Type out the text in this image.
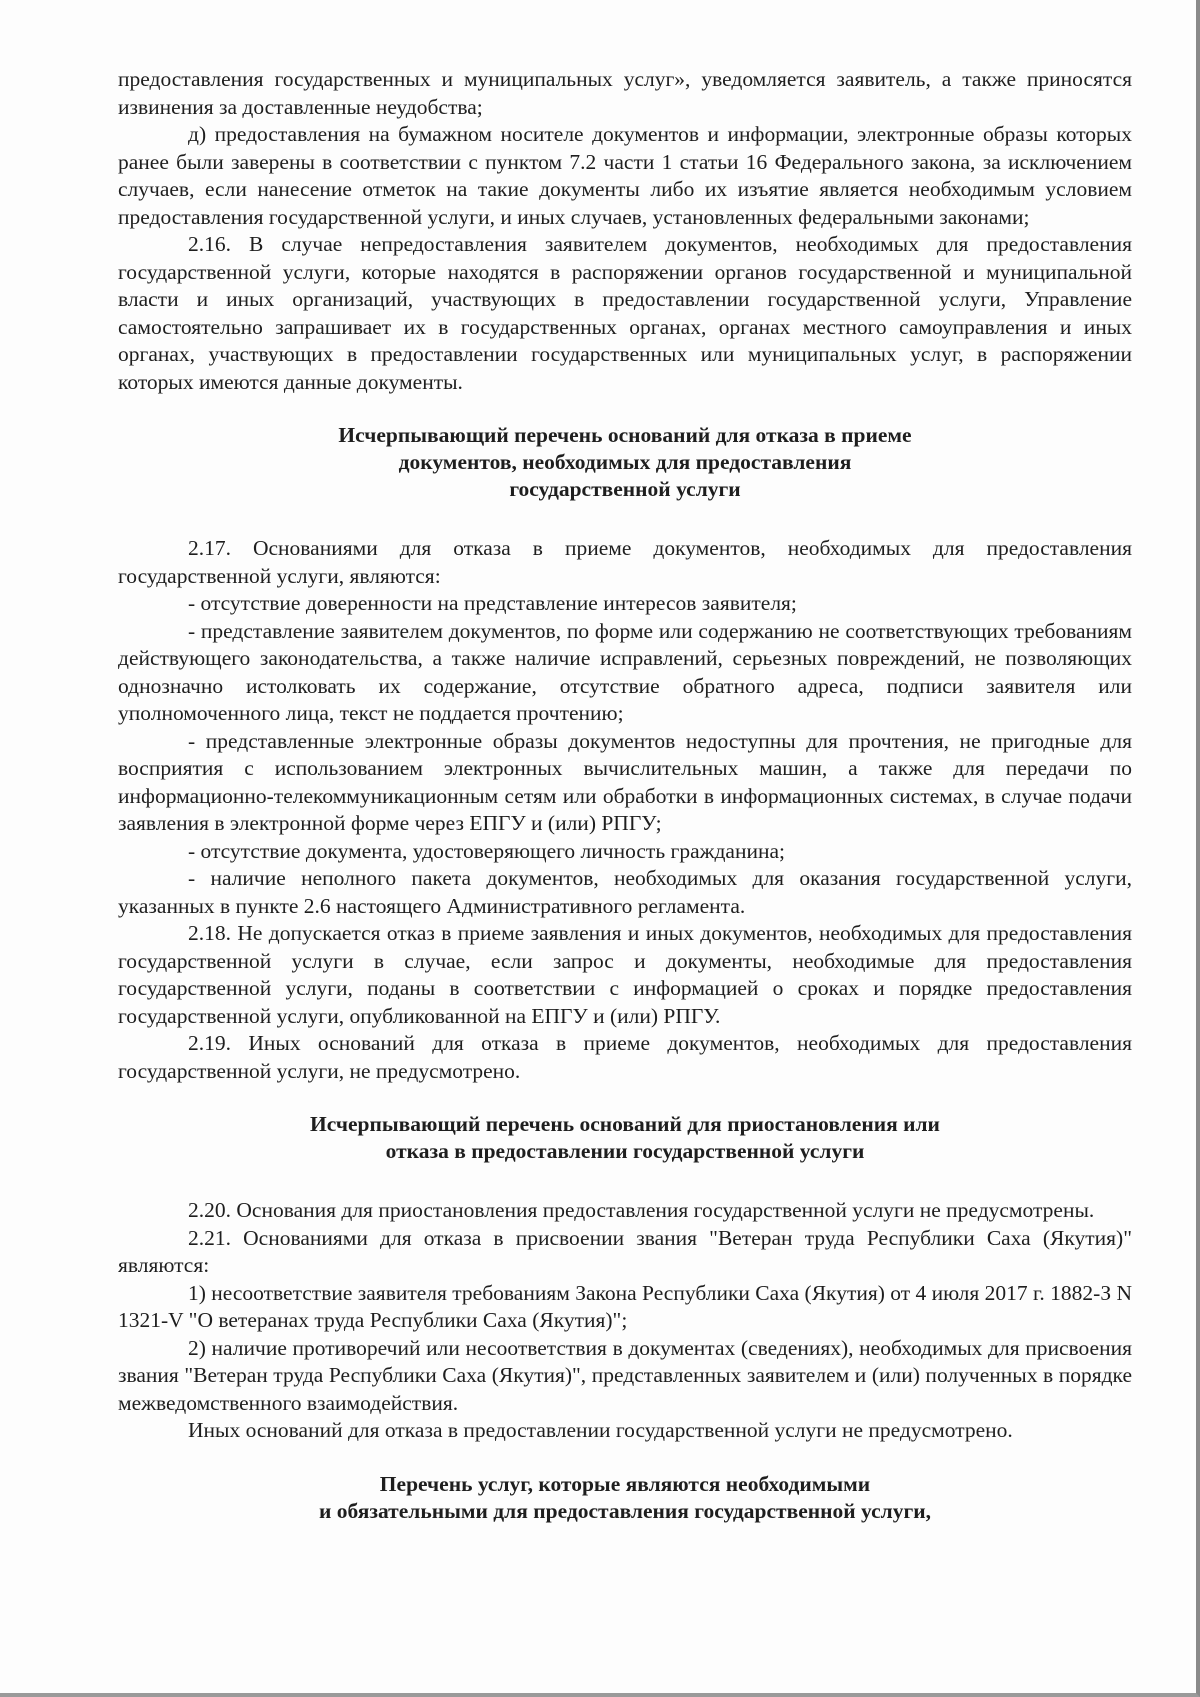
предоставления государственных и муниципальных услуг», уведомляется заявитель, а также приносятся извинения за доставленные неудобства;

д) предоставления на бумажном носителе документов и информации, электронные образы которых ранее были заверены в соответствии с пунктом 7.2 части 1 статьи 16 Федерального закона, за исключением случаев, если нанесение отметок на такие документы либо их изъятие является необходимым условием предоставления государственной услуги, и иных случаев, установленных федеральными законами;

2.16. В случае непредоставления заявителем документов, необходимых для предоставления государственной услуги, которые находятся в распоряжении органов государственной и муниципальной власти и иных организаций, участвующих в предоставлении государственной услуги, Управление самостоятельно запрашивает их в государственных органах, органах местного самоуправления и иных органах, участвующих в предоставлении государственных или муниципальных услуг, в распоряжении которых имеются данные документы.

Исчерпывающий перечень оснований для отказа в приеме
документов, необходимых для предоставления
государственной услуги

2.17. Основаниями для отказа в приеме документов, необходимых для предоставления государственной услуги, являются:

- отсутствие доверенности на представление интересов заявителя;

- представление заявителем документов, по форме или содержанию не соответствующих требованиям действующего законодательства, а также наличие исправлений, серьезных повреждений, не позволяющих однозначно истолковать их содержание, отсутствие обратного адреса, подписи заявителя или уполномоченного лица, текст не поддается прочтению;

- представленные электронные образы документов недоступны для прочтения, не пригодные для восприятия с использованием электронных вычислительных машин, а также для передачи по информационно-телекоммуникационным сетям или обработки в информационных системах, в случае подачи заявления в электронной форме через ЕПГУ и (или) РПГУ;

- отсутствие документа, удостоверяющего личность гражданина;

- наличие неполного пакета документов, необходимых для оказания государственной услуги, указанных в пункте 2.6 настоящего Административного регламента.

2.18. Не допускается отказ в приеме заявления и иных документов, необходимых для предоставления государственной услуги в случае, если запрос и документы, необходимые для предоставления государственной услуги, поданы в соответствии с информацией о сроках и порядке предоставления государственной услуги, опубликованной на ЕПГУ и (или) РПГУ.

2.19. Иных оснований для отказа в приеме документов, необходимых для предоставления государственной услуги, не предусмотрено.

Исчерпывающий перечень оснований для приостановления или
отказа в предоставлении государственной услуги

2.20. Основания для приостановления предоставления государственной услуги не предусмотрены.

2.21. Основаниями для отказа в присвоении звания "Ветеран труда Республики Саха (Якутия)" являются:

1) несоответствие заявителя требованиям Закона Республики Саха (Якутия) от 4 июля 2017 г. 1882-З N 1321-V "О ветеранах труда Республики Саха (Якутия)";

2) наличие противоречий или несоответствия в документах (сведениях), необходимых для присвоения звания "Ветеран труда Республики Саха (Якутия)", представленных заявителем и (или) полученных в порядке межведомственного взаимодействия.

Иных оснований для отказа в предоставлении государственной услуги не предусмотрено.

Перечень услуг, которые являются необходимыми
и обязательными для предоставления государственной услуги,
